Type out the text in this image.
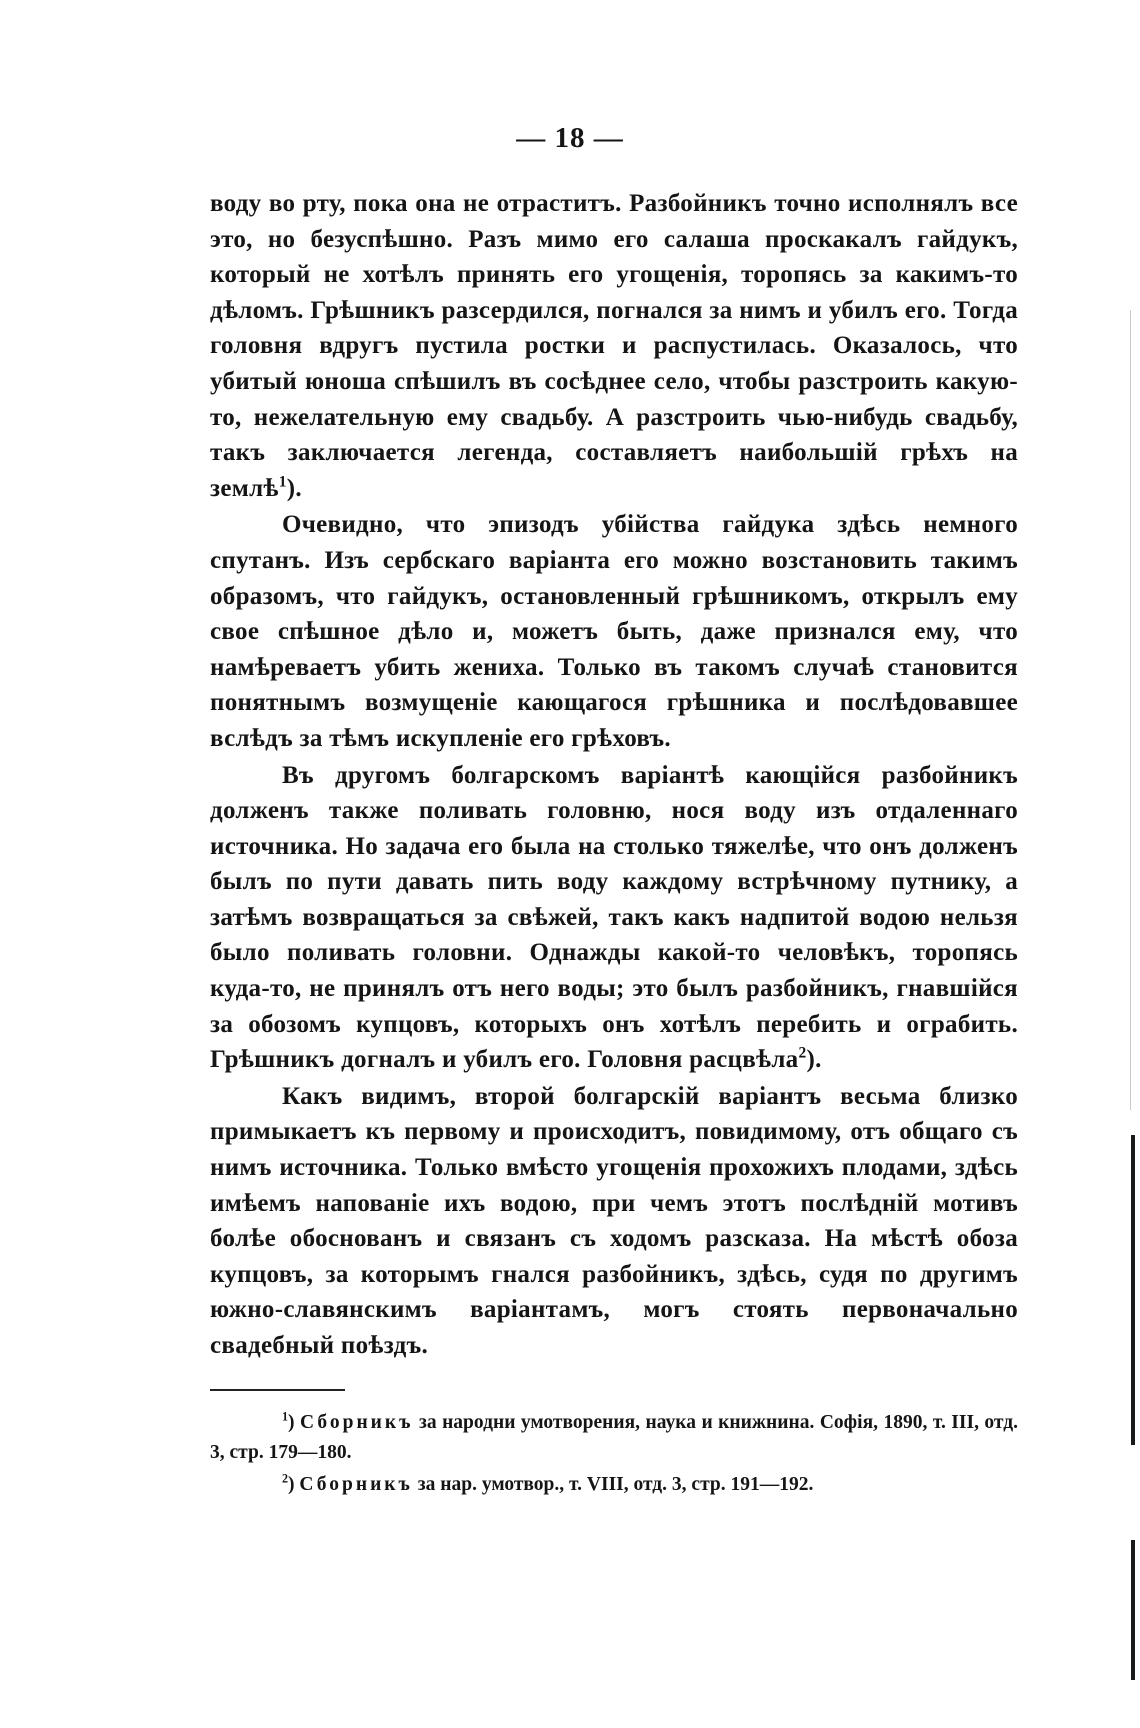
— 18 —

воду во рту, пока она не отраститъ. Разбойникъ точно исполнялъ все это, но безуспѣшно. Разъ мимо его салаша проскакалъ гайдукъ, который не хотѣлъ принять его угощенія, торопясь за какимъ-то дѣломъ. Грѣшникъ разсердился, погнался за нимъ и убилъ его. Тогда головня вдругъ пустила ростки и распустилась. Оказалось, что убитый юноша спѣшилъ въ сосѣднее село, чтобы разстроить какую-то, нежелательную ему свадьбу. А разстроить чью-нибудь свадьбу, такъ заключается легенда, составляетъ наибольшій грѣхъ на землѣ$^1$).

Очевидно, что эпизодъ убійства гайдука здѣсь немного спутанъ. Изъ сербскаго варіанта его можно возстановить такимъ образомъ, что гайдукъ, остановленный грѣшникомъ, открылъ ему свое спѣшное дѣло и, можетъ быть, даже признался ему, что намѣреваетъ убить жениха. Только въ такомъ случаѣ становится понятнымъ возмущеніе кающагося грѣшника и послѣдовавшее вслѣдъ за тѣмъ искупленіе его грѣховъ.

Въ другомъ болгарскомъ варіантѣ кающійся разбойникъ долженъ также поливать головню, нося воду изъ отдаленнаго источника. Но задача его была на столько тяжелѣе, что онъ долженъ былъ по пути давать пить воду каждому встрѣчному путнику, а затѣмъ возвращаться за свѣжей, такъ какъ надпитой водою нельзя было поливать головни. Однажды какой-то человѣкъ, торопясь куда-то, не принялъ отъ него воды; это былъ разбойникъ, гнавшійся за обозомъ купцовъ, которыхъ онъ хотѣлъ перебить и ограбить. Грѣшникъ догналъ и убилъ его. Головня расцвѣла$^2$).

Какъ видимъ, второй болгарскій варіантъ весьма близко примыкаетъ къ первому и происходитъ, повидимому, отъ общаго съ нимъ источника. Только вмѣсто угощенія прохожихъ плодами, здѣсь имѣемъ напованіе ихъ водою, при чемъ этотъ послѣдній мотивъ болѣе обоснованъ и связанъ съ ходомъ разсказа. На мѣстѣ обоза купцовъ, за которымъ гнался разбойникъ, здѣсь, судя по другимъ южно-славянскимъ варіантамъ, могъ стоять первоначально свадебный поѣздъ.

$^1$) Сборникъ за народни умотворения, наука и книжнина. Софія, 1890, т. III, отд. 3, стр. 179—180.

$^2$) Сборникъ за нар. умотвор., т. VIII, отд. 3, стр. 191—192.
